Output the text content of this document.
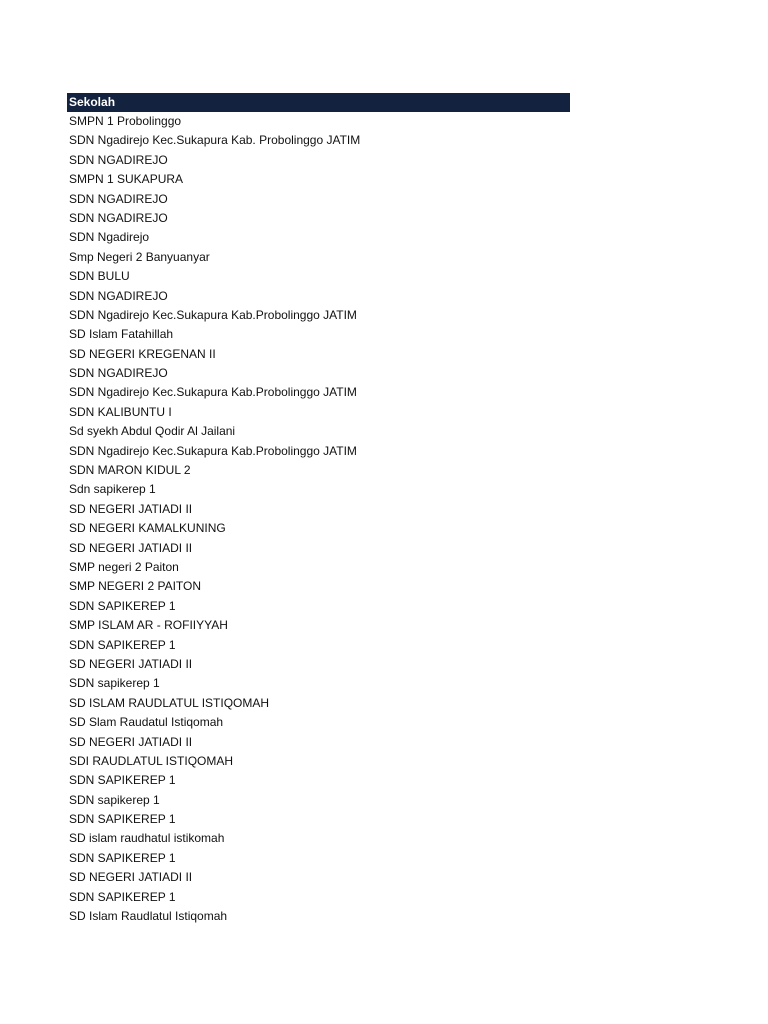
Sekolah
SMPN 1 Probolinggo
SDN Ngadirejo Kec.Sukapura Kab. Probolinggo JATIM
SDN NGADIREJO
SMPN 1 SUKAPURA
SDN NGADIREJO
SDN NGADIREJO
SDN Ngadirejo
Smp Negeri 2 Banyuanyar
SDN BULU
SDN NGADIREJO
SDN Ngadirejo Kec.Sukapura Kab.Probolinggo JATIM
SD Islam Fatahillah
SD NEGERI KREGENAN II
SDN NGADIREJO
SDN Ngadirejo Kec.Sukapura Kab.Probolinggo JATIM
SDN KALIBUNTU I
Sd syekh Abdul Qodir Al Jailani
SDN Ngadirejo Kec.Sukapura Kab.Probolinggo JATIM
SDN MARON KIDUL 2
Sdn sapikerep 1
SD NEGERI JATIADI II
SD NEGERI KAMALKUNING
SD NEGERI JATIADI II
SMP negeri 2 Paiton
SMP NEGERI 2 PAITON
SDN SAPIKEREP 1
SMP ISLAM AR - ROFIIYYAH
SDN SAPIKEREP 1
SD NEGERI JATIADI II
SDN sapikerep 1
SD ISLAM RAUDLATUL ISTIQOMAH
SD Slam Raudatul Istiqomah
SD NEGERI JATIADI II
SDI RAUDLATUL ISTIQOMAH
SDN SAPIKEREP 1
SDN sapikerep 1
SDN SAPIKEREP 1
SD islam raudhatul istikomah
SDN SAPIKEREP 1
SD NEGERI JATIADI II
SDN SAPIKEREP 1
SD Islam Raudlatul Istiqomah
